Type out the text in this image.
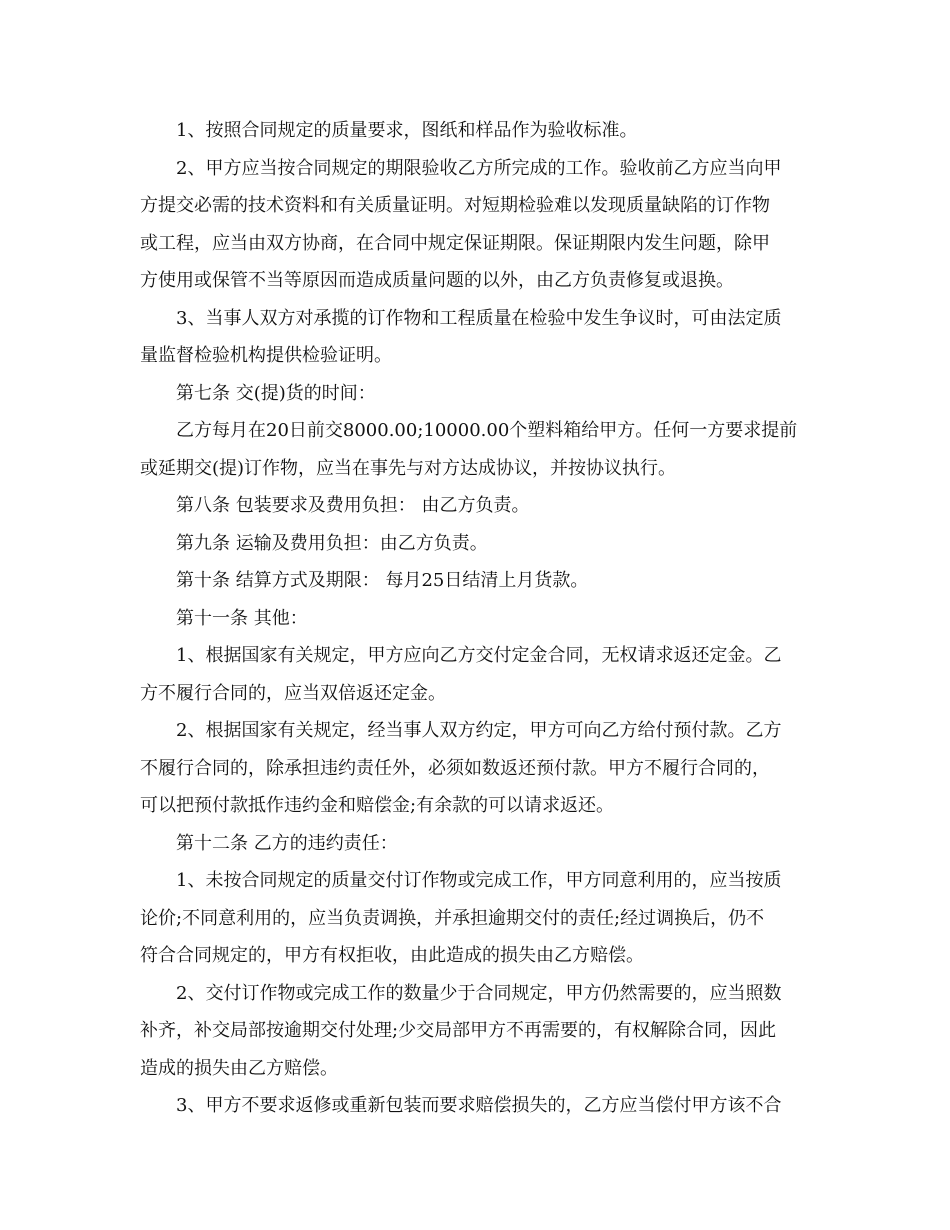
1、按照合同规定的质量要求，图纸和样品作为验收标准。
2、甲方应当按合同规定的期限验收乙方所完成的工作。验收前乙方应当向甲
方提交必需的技术资料和有关质量证明。对短期检验难以发现质量缺陷的订作物
或工程，应当由双方协商，在合同中规定保证期限。保证期限内发生问题，除甲
方使用或保管不当等原因而造成质量问题的以外，由乙方负责修复或退换。
3、当事人双方对承揽的订作物和工程质量在检验中发生争议时，可由法定质
量监督检验机构提供检验证明。
第七条 交(提)货的时间：
乙方每月在20日前交8000.00;10000.00个塑料箱给甲方。任何一方要求提前
或延期交(提)订作物，应当在事先与对方达成协议，并按协议执行。
第八条 包装要求及费用负担： 由乙方负责。
第九条 运输及费用负担：由乙方负责。
第十条 结算方式及期限： 每月25日结清上月货款。
第十一条 其他：
1、根据国家有关规定，甲方应向乙方交付定金合同，无权请求返还定金。乙
方不履行合同的，应当双倍返还定金。
2、根据国家有关规定，经当事人双方约定，甲方可向乙方给付预付款。乙方
不履行合同的，除承担违约责任外，必须如数返还预付款。甲方不履行合同的，
可以把预付款抵作违约金和赔偿金;有余款的可以请求返还。
第十二条 乙方的违约责任：
1、未按合同规定的质量交付订作物或完成工作，甲方同意利用的，应当按质
论价;不同意利用的，应当负责调换，并承担逾期交付的责任;经过调换后，仍不
符合合同规定的，甲方有权拒收，由此造成的损失由乙方赔偿。
2、交付订作物或完成工作的数量少于合同规定，甲方仍然需要的，应当照数
补齐，补交局部按逾期交付处理;少交局部甲方不再需要的，有权解除合同，因此
造成的损失由乙方赔偿。
3、甲方不要求返修或重新包装而要求赔偿损失的，乙方应当偿付甲方该不合
